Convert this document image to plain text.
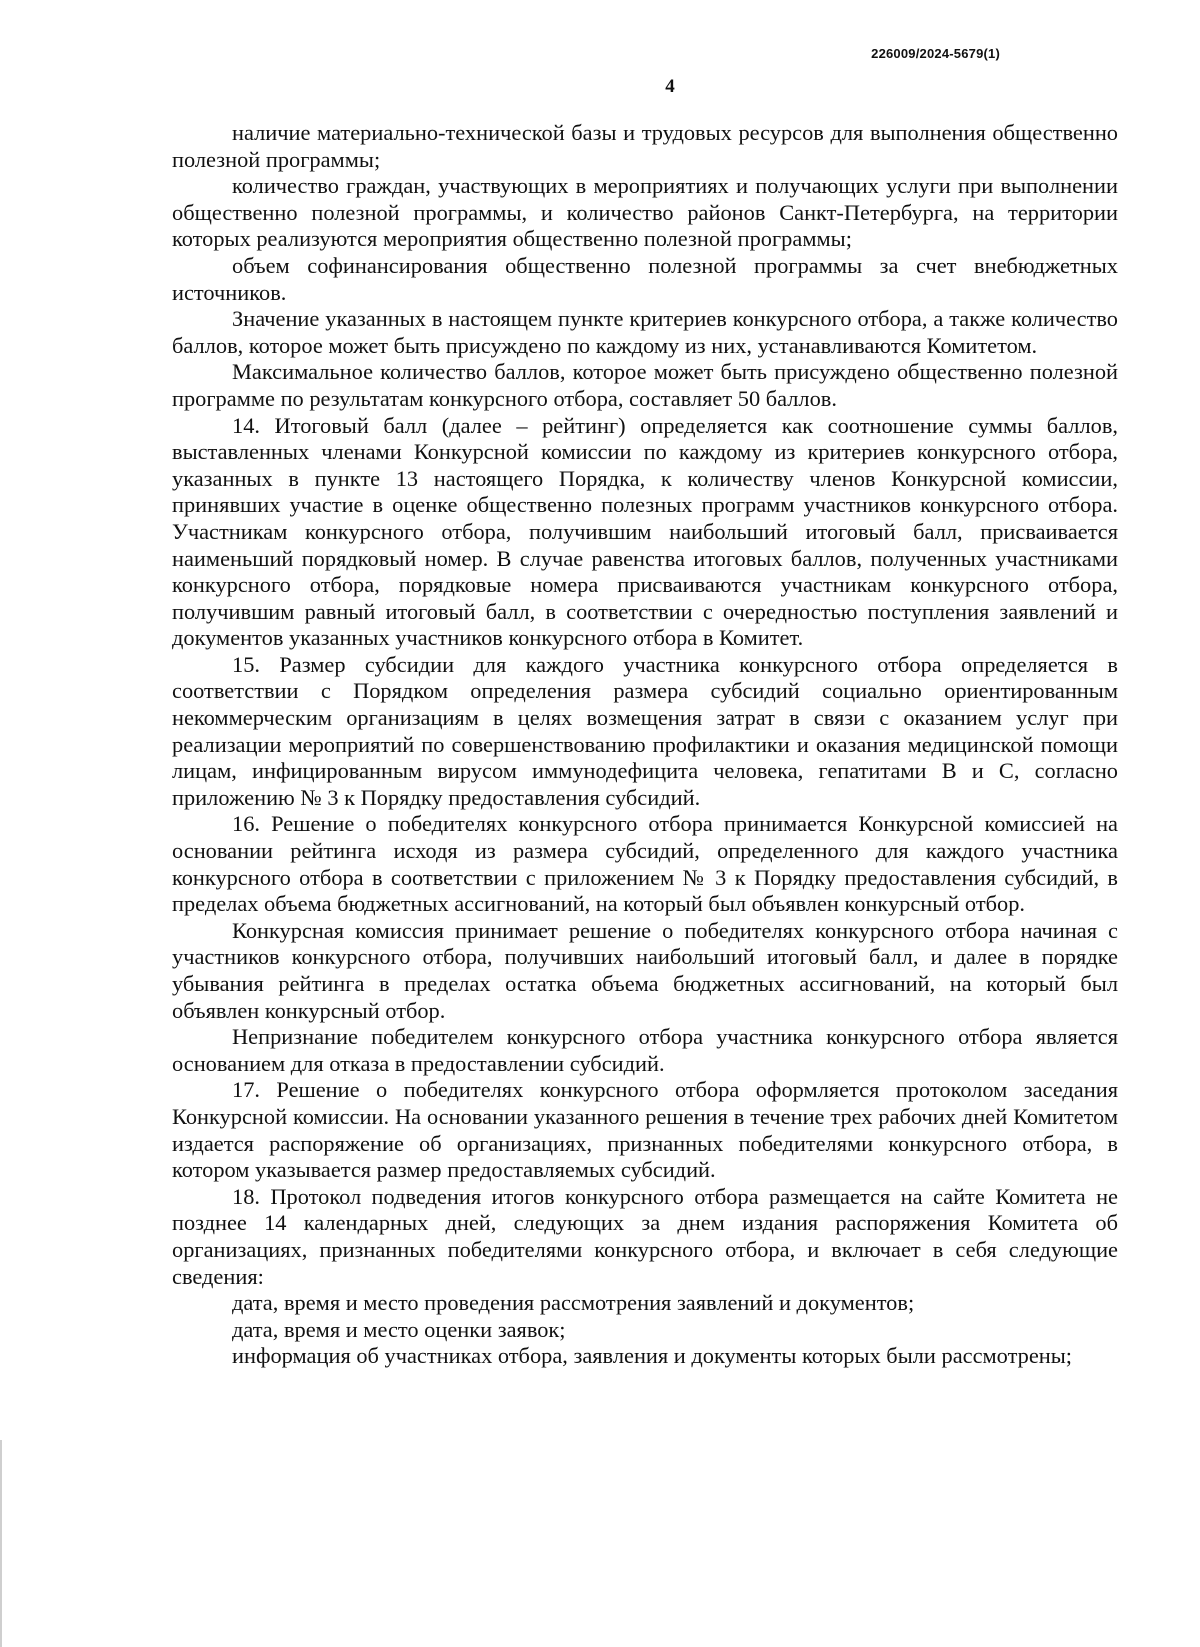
226009/2024-5679(1)
4

наличие материально-технической базы и трудовых ресурсов для выполнения общественно полезной программы;

количество граждан, участвующих в мероприятиях и получающих услуги при выполнении общественно полезной программы, и количество районов Санкт-Петербурга, на территории которых реализуются мероприятия общественно полезной программы;

объем софинансирования общественно полезной программы за счет внебюджетных источников.

Значение указанных в настоящем пункте критериев конкурсного отбора, а также количество баллов, которое может быть присуждено по каждому из них, устанавливаются Комитетом.

Максимальное количество баллов, которое может быть присуждено общественно полезной программе по результатам конкурсного отбора, составляет 50 баллов.

14. Итоговый балл (далее – рейтинг) определяется как соотношение суммы баллов, выставленных членами Конкурсной комиссии по каждому из критериев конкурсного отбора, указанных в пункте 13 настоящего Порядка, к количеству членов Конкурсной комиссии, принявших участие в оценке общественно полезных программ участников конкурсного отбора. Участникам конкурсного отбора, получившим наибольший итоговый балл, присваивается наименьший порядковый номер. В случае равенства итоговых баллов, полученных участниками конкурсного отбора, порядковые номера присваиваются участникам конкурсного отбора, получившим равный итоговый балл, в соответствии с очередностью поступления заявлений и документов указанных участников конкурсного отбора в Комитет.

15. Размер субсидии для каждого участника конкурсного отбора определяется в соответствии с Порядком определения размера субсидий социально ориентированным некоммерческим организациям в целях возмещения затрат в связи с оказанием услуг при реализации мероприятий по совершенствованию профилактики и оказания медицинской помощи лицам, инфицированным вирусом иммунодефицита человека, гепатитами В и С, согласно приложению № 3 к Порядку предоставления субсидий.

16. Решение о победителях конкурсного отбора принимается Конкурсной комиссией на основании рейтинга исходя из размера субсидий, определенного для каждого участника конкурсного отбора в соответствии с приложением № 3 к Порядку предоставления субсидий, в пределах объема бюджетных ассигнований, на который был объявлен конкурсный отбор.

Конкурсная комиссия принимает решение о победителях конкурсного отбора начиная с участников конкурсного отбора, получивших наибольший итоговый балл, и далее в порядке убывания рейтинга в пределах остатка объема бюджетных ассигнований, на который был объявлен конкурсный отбор.

Непризнание победителем конкурсного отбора участника конкурсного отбора является основанием для отказа в предоставлении субсидий.

17. Решение о победителях конкурсного отбора оформляется протоколом заседания Конкурсной комиссии. На основании указанного решения в течение трех рабочих дней Комитетом издается распоряжение об организациях, признанных победителями конкурсного отбора, в котором указывается размер предоставляемых субсидий.

18. Протокол подведения итогов конкурсного отбора размещается на сайте Комитета не позднее 14 календарных дней, следующих за днем издания распоряжения Комитета об организациях, признанных победителями конкурсного отбора, и включает в себя следующие сведения:

дата, время и место проведения рассмотрения заявлений и документов;

дата, время и место оценки заявок;

информация об участниках отбора, заявления и документы которых были рассмотрены;
